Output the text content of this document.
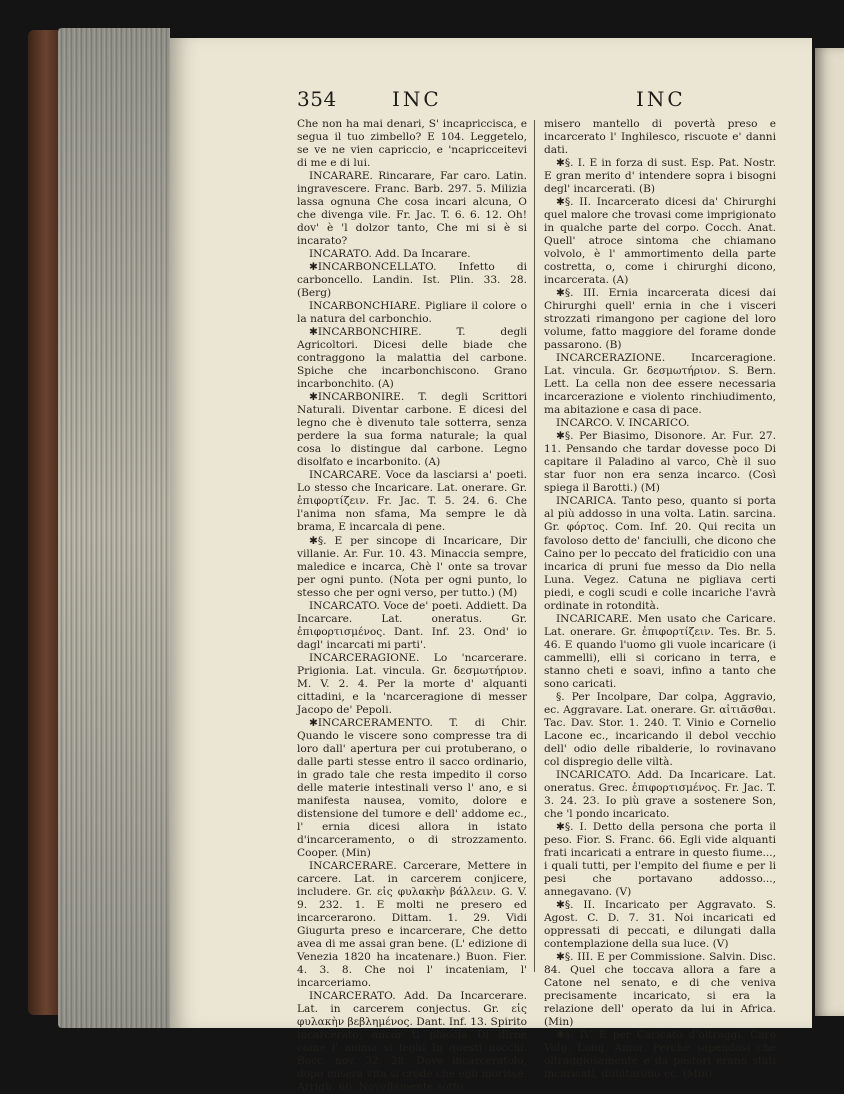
354	INC	INC

Che non ha mai denari, S' incapriccisca, e segua il tuo zimbello? E 104. Leggetelo, se ve ne vien capriccio, e 'ncapricceitevi di me e di lui.

INCARARE. Rincarare, Far caro. Latin. ingravescere. Franc. Barb. 297. 5. Milizia lassa ognuna Che cosa incari alcuna, O che divenga vile. Fr. Jac. T. 6. 6. 12. Oh! dov' è 'l dolzor tanto, Che mi si è si incarato?

INCARATO. Add. Da Incarare.

✱INCARBONCELLATO. Infetto di carboncello. Landin. Ist. Plin. 33. 28. (Berg)

INCARBONCHIARE. Pigliare il colore o la natura del carbonchio.

✱INCARBONCHIRE. T. degli Agricoltori. Dicesi delle biade che contraggono la malattia del carbone. Spiche che incarbonchiscono. Grano incarbonchito. (A)

✱INCARBONIRE. T. degli Scrittori Naturali. Diventar carbone. E dicesi del legno che è divenuto tale sotterra, senza perdere la sua forma naturale; la qual cosa lo distingue dal carbone. Legno disolfato e incarbonito. (A)

INCARCARE. Voce da lasciarsi a' poeti. Lo stesso che Incaricare. Lat. onerare. Gr. ἐπιφορτίζειν. Fr. Jac. T. 5. 24. 6. Che l'anima non sfama, Ma sempre le dà brama, E incarcala di pene.

✱§. E per sincope di Incaricare, Dir villanie. Ar. Fur. 10. 43. Minaccia sempre, maledice e incarca, Chè l' onte sa trovar per ogni punto. (Nota per ogni punto, lo stesso che per ogni verso, per tutto.) (M)

INCARCATO. Voce de' poeti. Addiett. Da Incarcare. Lat. oneratus. Gr. ἐπιφορτισμένος. Dant. Inf. 23. Ond' io dagl' incarcati mi parti'.

INCARCERAGIONE. Lo 'ncarcerare. Prigionia. Lat. vincula. Gr. δεσμωτήριον. M. V. 2. 4. Per la morte d' alquanti cittadini, e la 'ncarceragione di messer Jacopo de' Pepoli.

✱INCARCERAMENTO. T. di Chir. Quando le viscere sono compresse tra di loro dall' apertura per cui protuberano, o dalle parti stesse entro il sacco ordinario, in grado tale che resta impedito il corso delle materie intestinali verso l' ano, e si manifesta nausea, vomito, dolore e distensione del tumore e dell' addome ec., l' ernia dicesi allora in istato d'incarceramento, o di strozzamento. Cooper. (Min)

INCARCERARE. Carcerare, Mettere in carcere. Lat. in carcerem conjicere, includere. Gr. εἰς φυλακὴν βάλλειν. G. V. 9. 232. 1. E molti ne presero ed incarcerarono. Dittam. 1. 29. Vidi Giugurta preso e incarcerare, Che detto avea di me assai gran bene. (L' edizione di Venezia 1820 ha incatenare.) Buon. Fier. 4. 3. 8. Che noi l' incateniam, l' incarceriamo.

INCARCERATO. Add. Da Incarcerare. Lat. in carcerem conjectus. Gr. εἰς φυλακὴν βεβλημένος. Dant. Inf. 13. Spirito incarcerato, ancor ti piaccia Di dirne come l' anima si leghi In questi nocchi. Bocc. nov. 32. 28. Dove incarceratolo, dopo misera vita si crede che egli morisse. Arrigh. 66. Novellamente sotto

misero mantello di povertà preso e incarcerato l' Inghilesco, riscuote e' danni dati.

✱§. I. E in forza di sust. Esp. Pat. Nostr. E gran merito d' intendere sopra i bisogni degl' incarcerati. (B)

✱§. II. Incarcerato dicesi da' Chirurghi quel malore che trovasi come imprigionato in qualche parte del corpo. Cocch. Anat. Quell' atroce sintoma che chiamano volvolo, è l' ammortimento della parte costretta, o, come i chirurghi dicono, incarcerata. (A)

✱§. III. Ernia incarcerata dicesi dai Chirurghi quell' ernia in che i visceri strozzati rimangono per cagione del loro volume, fatto maggiore del forame donde passarono. (B)

INCARCERAZIONE. Incarceragione. Lat. vincula. Gr. δεσμωτήριον. S. Bern. Lett. La cella non dee essere necessaria incarcerazione e violento rinchiudimento, ma abitazione e casa di pace.

INCARCO. V. INCARICO.

✱§. Per Biasimo, Disonore. Ar. Fur. 27. 11. Pensando che tardar dovesse poco Di capitare il Paladino al varco, Chè il suo star fuor non era senza incarco. (Così spiega il Barotti.) (M)

INCARICA. Tanto peso, quanto si porta al più addosso in una volta. Latin. sarcina. Gr. φόρτος. Com. Inf. 20. Qui recita un favoloso detto de' fanciulli, che dicono che Caino per lo peccato del fraticidio con una incarica di pruni fue messo da Dio nella Luna. Vegez. Catuna ne pigliava certi piedi, e cogli scudi e colle incariche l'avrà ordinate in rotondità.

INCARICARE. Men usato che Caricare. Lat. onerare. Gr. ἐπιφορτίζειν. Tes. Br. 5. 46. E quando l'uomo gli vuole incaricare (i cammelli), elli si coricano in terra, e stanno cheti e soavi, infino a tanto che sono caricati.

§. Per Incolpare, Dar colpa, Aggravio, ec. Aggravare. Lat. onerare. Gr. αἰτιᾶσθαι. Tac. Dav. Stor. 1. 240. T. Vinio e Cornelio Lacone ec., incaricando il debol vecchio dell' odio delle ribalderie, lo rovinavano col dispregio delle viltà.

INCARICATO. Add. Da Incaricare. Lat. oneratus. Grec. ἐπιφορτισμένος. Fr. Jac. T. 3. 24. 23. Io più grave a sostenere Son, che 'l pondo incaricato.

✱§. I. Detto della persona che porta il peso. Fior. S. Franc. 66. Egli vide alquanti frati incaricati a entrare in questo fiume..., i quali tutti, per l'empito del fiume e per li pesi che portavano addosso..., annegavano. (V)

✱§. II. Incaricato per Aggravato. S. Agost. C. D. 7. 31. Noi incaricati ed oppressati di peccati, e dilungati dalla contemplazione della sua luce. (V)

✱§. III. E per Commissione. Salvin. Disc. 84. Quel che toccava allora a fare a Catone nel senato, e di che veniva precisamente incaricato, si era la relazione dell' operato da lui in Africa. (Min)

✱§. IV. E per Caricato d'oltraggi. Caro Volg. Long. Amor. Perchè sapendosi che oltraggiosamente e da pastori erano stati incaricati, dubitarono ec. (Min)
